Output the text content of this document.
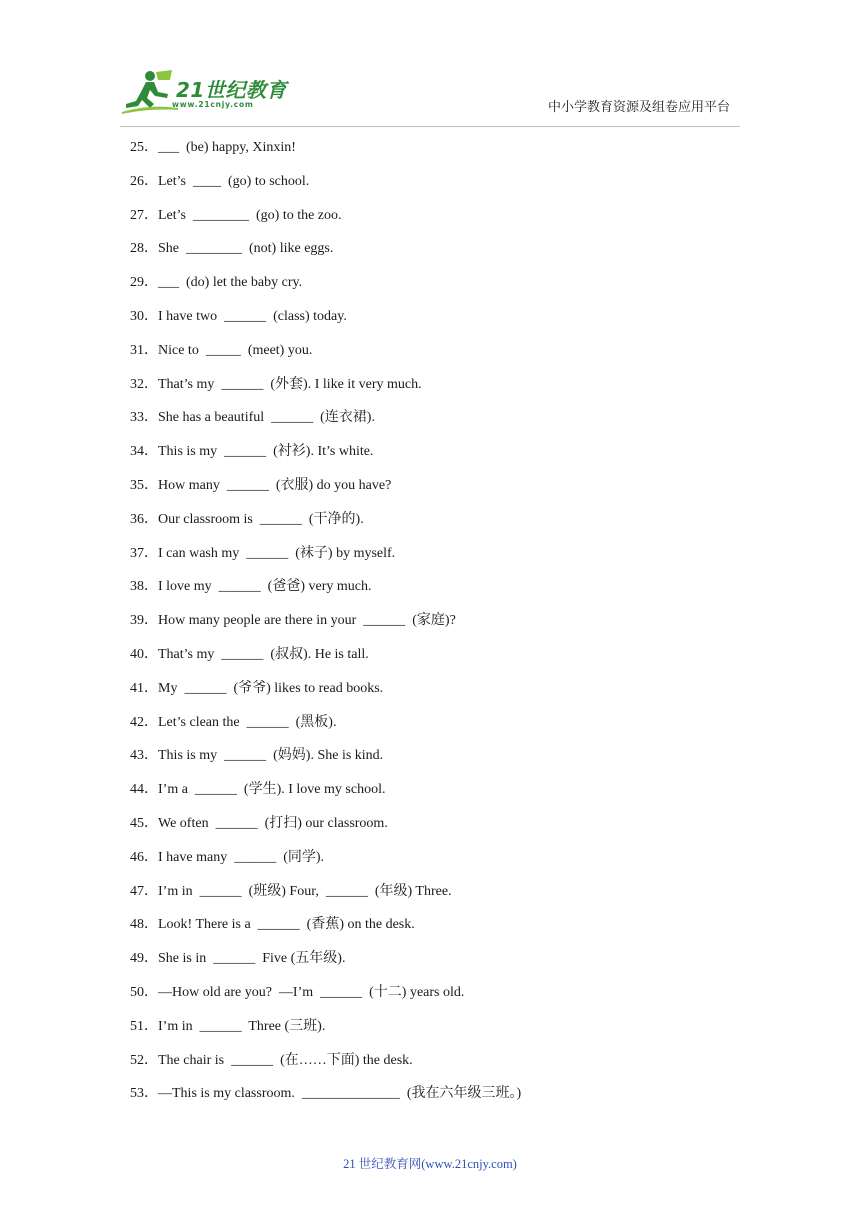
21世纪教育
www.21cnjy.com	中小学教育资源及组卷应用平台
25．___  (be) happy, Xinxin!
26．Let’s  ____  (go) to school.
27．Let’s  ________  (go) to the zoo.
28．She  ________  (not) like eggs.
29．___  (do) let the baby cry.
30．I have two  ______  (class) today.
31．Nice to  _____  (meet) you.
32．That’s my  ______  (外套). I like it very much.
33．She has a beautiful  ______  (连衣裙).
34．This is my  ______  (衬衫). It’s white.
35．How many  ______  (衣服) do you have?
36．Our classroom is  ______  (干净的).
37．I can wash my  ______  (袜子) by myself.
38．I love my  ______  (爸爸) very much.
39．How many people are there in your  ______  (家庭)?
40．That’s my  ______  (叔叔). He is tall.
41．My  ______  (爷爷) likes to read books.
42．Let’s clean the  ______  (黑板).
43．This is my  ______  (妈妈). She is kind.
44．I’m a  ______  (学生). I love my school.
45．We often  ______  (打扫) our classroom.
46．I have many  ______  (同学).
47．I’m in  ______  (班级) Four,  ______  (年级) Three.
48．Look! There is a  ______  (香蕉) on the desk.
49．She is in  ______  Five (五年级).
50．—How old are you?  —I’m  ______  (十二) years old.
51．I’m in  ______  Three (三班).
52．The chair is  ______  (在……下面) the desk.
53．—This is my classroom.  ______________  (我在六年级三班。)
21 世纪教育网(www.21cnjy.com)
